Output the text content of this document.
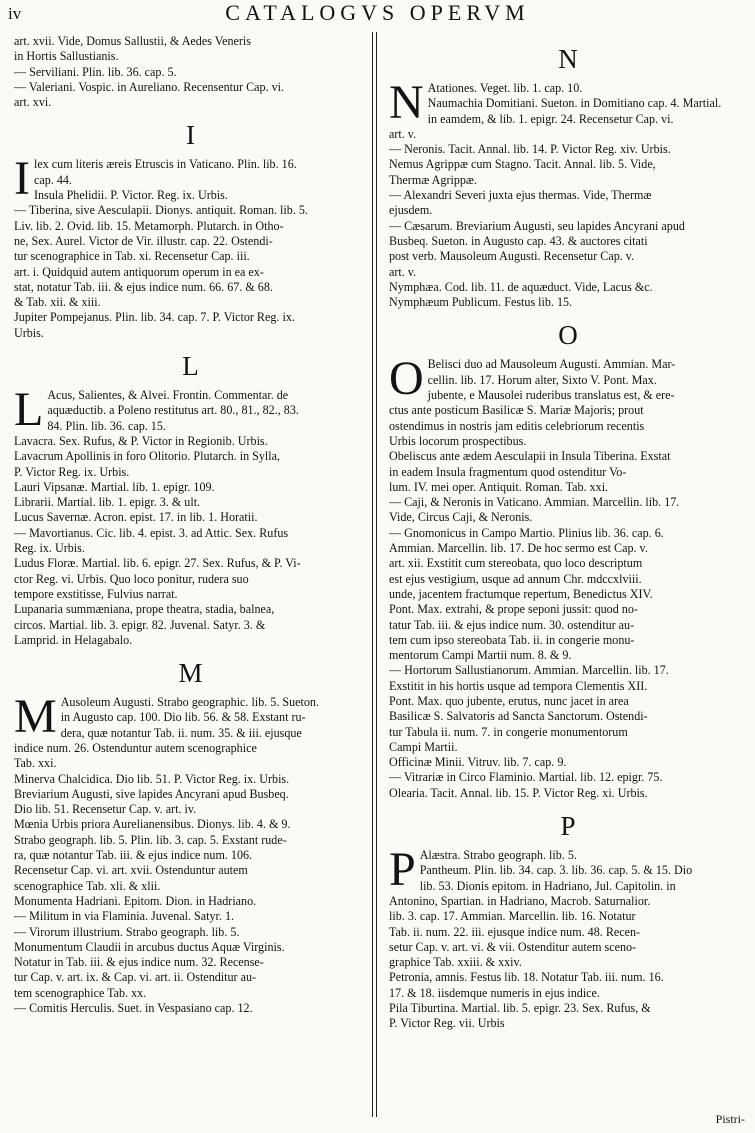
iv	CATALOGVS OPERVM

art. xvii. Vide, Domus Sallustii, & Aedes Veneris

in Hortis Sallustianis.

— Serviliani. Plin. lib. 36. cap. 5.

— Valeriani. Vospic. in Aureliano. Recensentur Cap. vi.

art. xvi.

I
I lex cum literis æreis Etruscis in Vaticano. Plin. lib. 16.

cap. 44.

Insula Phelidii. P. Victor. Reg. ix. Urbis.

— Tiberina, sive Aesculapii. Dionys. antiquit. Roman. lib. 5.

Liv. lib. 2. Ovid. lib. 15. Metamorph. Plutarch. in Otho-

ne, Sex. Aurel. Victor de Vir. illustr. cap. 22. Ostendi-

tur scenographice in Tab. xi. Recensetur Cap. iii.

art. i. Quidquid autem antiquorum operum in ea ex-

stat, notatur Tab. iii. & ejus indice num. 66. 67. & 68.

& Tab. xii. & xiii.

Jupiter Pompejanus. Plin. lib. 34. cap. 7. P. Victor Reg. ix.

Urbis.

L
L Acus, Salientes, & Alvei. Frontin. Commentar. de

aquæductib. a Poleno restitutus art. 80., 81., 82., 83.

84. Plin. lib. 36. cap. 15.

Lavacra. Sex. Rufus, & P. Victor in Regionib. Urbis.

Lavacrum Apollinis in foro Olitorio. Plutarch. in Sylla,

P. Victor Reg. ix. Urbis.

Lauri Vipsanæ. Martial. lib. 1. epigr. 109.

Librarii. Martial. lib. 1. epigr. 3. & ult.

Lucus Savernæ. Acron. epist. 17. in lib. 1. Horatii.

— Mavortianus. Cic. lib. 4. epist. 3. ad Attic. Sex. Rufus

Reg. ix. Urbis.

Ludus Floræ. Martial. lib. 6. epigr. 27. Sex. Rufus, & P. Vi-

ctor Reg. vi. Urbis. Quo loco ponitur, rudera suo

tempore exstitisse, Fulvius narrat.

Lupanaria summæniana, prope theatra, stadia, balnea,

circos. Martial. lib. 3. epigr. 82. Juvenal. Satyr. 3. &

Lamprid. in Helagabalo.

M
M Ausoleum Augusti. Strabo geographic. lib. 5. Sueton.

in Augusto cap. 100. Dio lib. 56. & 58. Exstant ru-

dera, quæ notantur Tab. ii. num. 35. & iii. ejusque

indice num. 26. Ostenduntur autem scenographice

Tab. xxi.

Minerva Chalcidica. Dio lib. 51. P. Victor Reg. ix. Urbis.

Breviarium Augusti, sive lapides Ancyrani apud Busbeq.

Dio lib. 51. Recensetur Cap. v. art. iv.

Mœnia Urbis priora Aurelianensibus. Dionys. lib. 4. & 9.

Strabo geograph. lib. 5. Plin. lib. 3. cap. 5. Exstant rude-

ra, quæ notantur Tab. iii. & ejus indice num. 106.

Recensetur Cap. vi. art. xvii. Ostenduntur autem

scenographice Tab. xli. & xlii.

Monumenta Hadriani. Epitom. Dion. in Hadriano.

— Militum in via Flaminia. Juvenal. Satyr. 1.

— Virorum illustrium. Strabo geograph. lib. 5.

Monumentum Claudii in arcubus ductus Aquæ Virginis.

Notatur in Tab. iii. & ejus indice num. 32. Recense-

tur Cap. v. art. ix. & Cap. vi. art. ii. Ostenditur au-

tem scenographice Tab. xx.

— Comitis Herculis. Suet. in Vespasiano cap. 12.

N
N Atationes. Veget. lib. 1. cap. 10.

Naumachia Domitiani. Sueton. in Domitiano cap. 4. Martial.

in eamdem, & lib. 1. epigr. 24. Recensetur Cap. vi.

art. v.

— Neronis. Tacit. Annal. lib. 14. P. Victor Reg. xiv. Urbis.

Nemus Agrippæ cum Stagno. Tacit. Annal. lib. 5. Vide,

Thermæ Agrippæ.

— Alexandri Severi juxta ejus thermas. Vide, Thermæ

ejusdem.

— Cæsarum. Breviarium Augusti, seu lapides Ancyrani apud

Busbeq. Sueton. in Augusto cap. 43. & auctores citati

post verb. Mausoleum Augusti. Recensetur Cap. v.

art. v.

Nymphæa. Cod. lib. 11. de aquæduct. Vide, Lacus &c.

Nymphæum Publicum. Festus lib. 15.

O
O Belisci duo ad Mausoleum Augusti. Ammian. Mar-

cellin. lib. 17. Horum alter, Sixto V. Pont. Max.

jubente, e Mausolei ruderibus translatus est, & ere-

ctus ante posticum Basilicæ S. Mariæ Majoris; prout

ostendimus in nostris jam editis celebriorum recentis

Urbis locorum prospectibus.

Obeliscus ante ædem Aesculapii in Insula Tiberina. Exstat

in eadem Insula fragmentum quod ostenditur Vo-

lum. IV. mei oper. Antiquit. Roman. Tab. xxi.

— Caji, & Neronis in Vaticano. Ammian. Marcellin. lib. 17.

Vide, Circus Caji, & Neronis.

— Gnomonicus in Campo Martio. Plinius lib. 36. cap. 6.

Ammian. Marcellin. lib. 17. De hoc sermo est Cap. v.

art. xii. Exstitit cum stereobata, quo loco descriptum

est ejus vestigium, usque ad annum Chr. mdccxlviii.

unde, jacentem fractumque repertum, Benedictus XIV.

Pont. Max. extrahi, & prope seponi jussit: quod no-

tatur Tab. iii. & ejus indice num. 30. ostenditur au-

tem cum ipso stereobata Tab. ii. in congerie monu-

mentorum Campi Martii num. 8. & 9.

— Hortorum Sallustianorum. Ammian. Marcellin. lib. 17.

Exstitit in his hortis usque ad tempora Clementis XII.

Pont. Max. quo jubente, erutus, nunc jacet in area

Basilicæ S. Salvatoris ad Sancta Sanctorum. Ostendi-

tur Tabula ii. num. 7. in congerie monumentorum

Campi Martii.

Officinæ Minii. Vitruv. lib. 7. cap. 9.

— Vitrariæ in Circo Flaminio. Martial. lib. 12. epigr. 75.

Olearia. Tacit. Annal. lib. 15. P. Victor Reg. xi. Urbis.

P
P Alæstra. Strabo geograph. lib. 5.

Pantheum. Plin. lib. 34. cap. 3. lib. 36. cap. 5. & 15. Dio

lib. 53. Dionis epitom. in Hadriano, Jul. Capitolin. in

Antonino, Spartian. in Hadriano, Macrob. Saturnalior.

lib. 3. cap. 17. Ammian. Marcellin. lib. 16. Notatur

Tab. ii. num. 22. iii. ejusque indice num. 48. Recen-

setur Cap. v. art. vi. & vii. Ostenditur autem sceno-

graphice Tab. xxiii. & xxiv.

Petronia, amnis. Festus lib. 18. Notatur Tab. iii. num. 16.

17. & 18. iisdemque numeris in ejus indice.

Pila Tiburtina. Martial. lib. 5. epigr. 23. Sex. Rufus, &

P. Victor Reg. vii. Urbis

Pistri-
